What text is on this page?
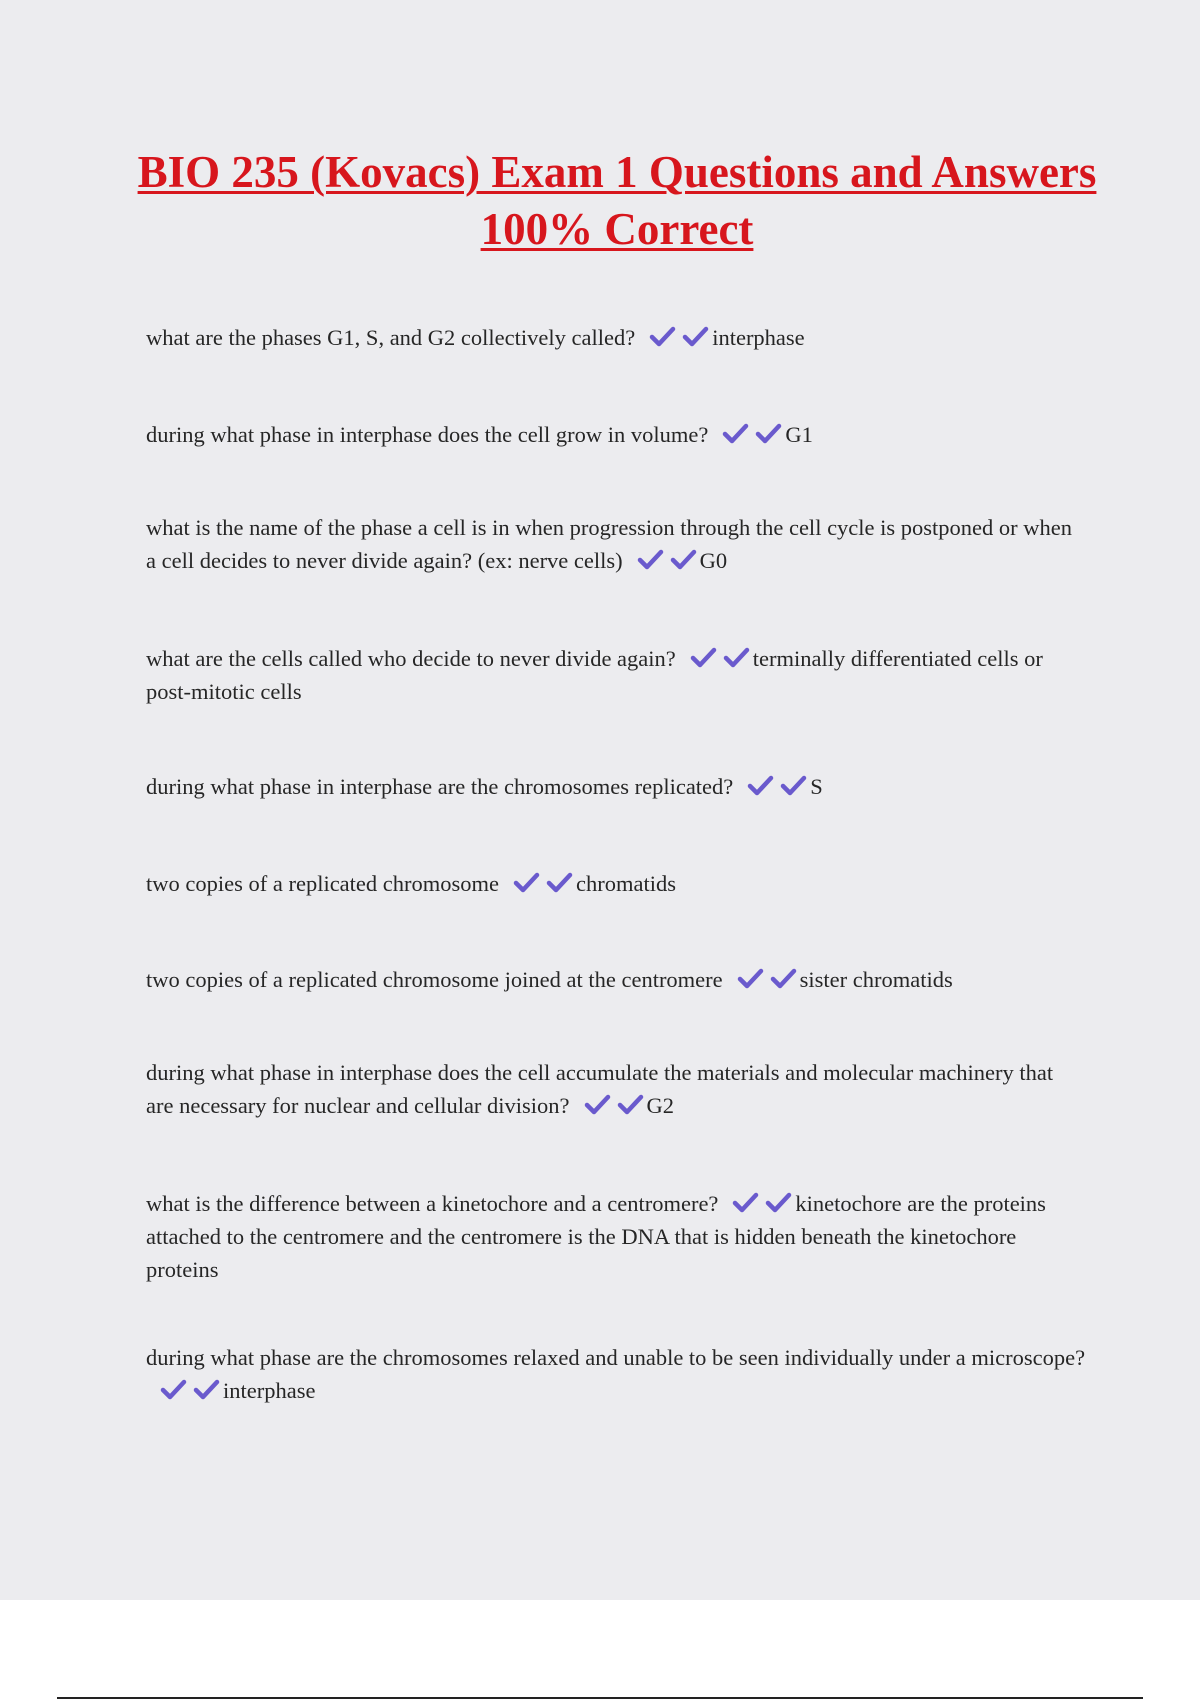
BIO 235 (Kovacs) Exam 1 Questions and Answers 100% Correct
what are the phases G1, S, and G2 collectively called?	interphase
during what phase in interphase does the cell grow in volume?	G1
what is the name of the phase a cell is in when progression through the cell cycle is postponed or when a cell decides to never divide again? (ex: nerve cells)	G0
what are the cells called who decide to never divide again?	terminally differentiated cells or post-mitotic cells
during what phase in interphase are the chromosomes replicated?	S
two copies of a replicated chromosome	chromatids
two copies of a replicated chromosome joined at the centromere	sister chromatids
during what phase in interphase does the cell accumulate the materials and molecular machinery that are necessary for nuclear and cellular division?	G2
what is the difference between a kinetochore and a centromere?	kinetochore are the proteins attached to the centromere and the centromere is the DNA that is hidden beneath the kinetochore proteins
during what phase are the chromosomes relaxed and unable to be seen individually under a microscope?
interphase
